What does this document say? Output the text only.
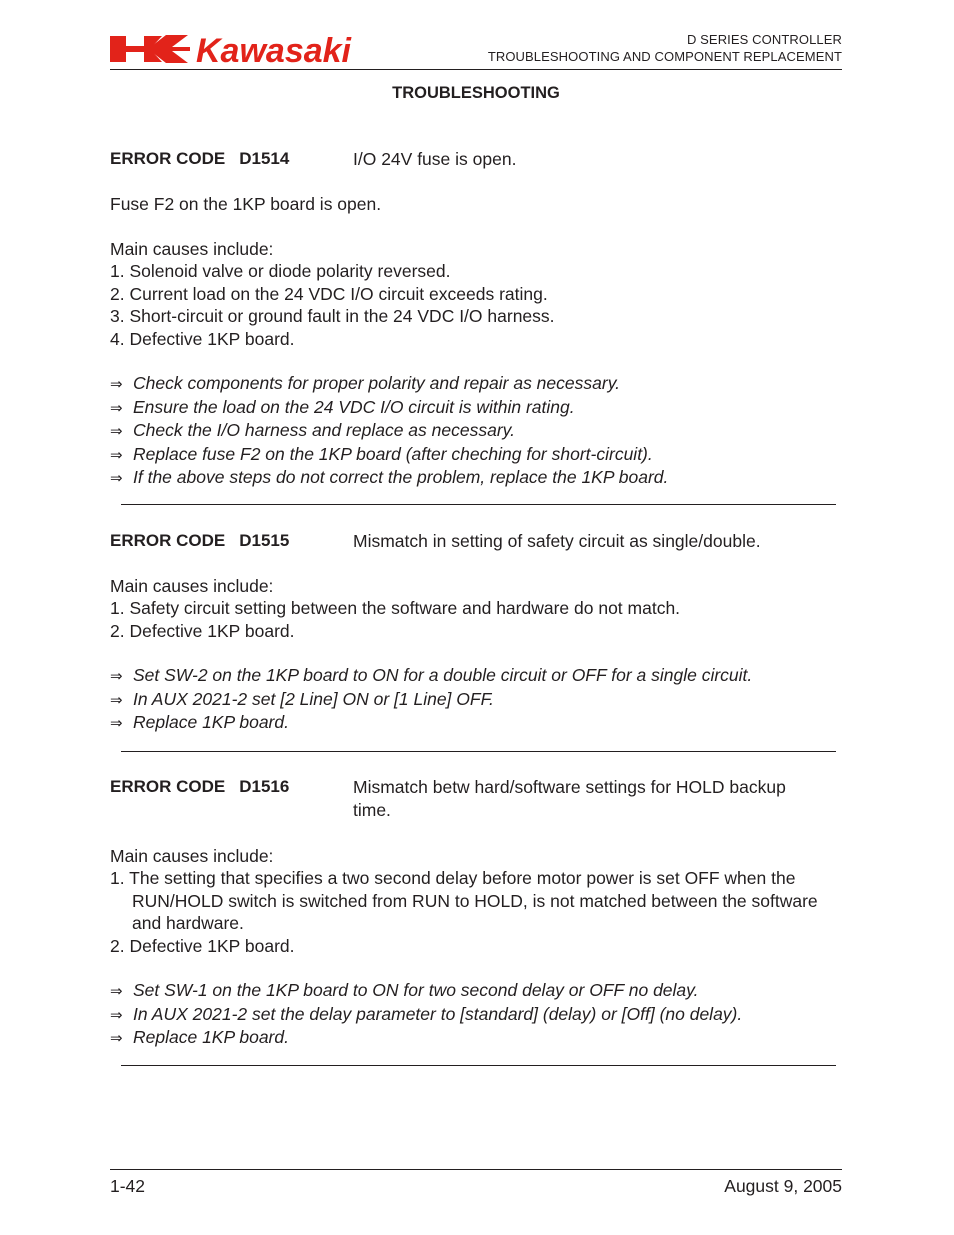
Kawasaki	D SERIES CONTROLLER
TROUBLESHOOTING AND COMPONENT REPLACEMENT
TROUBLESHOOTING
ERROR CODE D1514	I/O 24V fuse is open.
Fuse F2 on the 1KP board is open.
Main causes include:
1. Solenoid valve or diode polarity reversed.
2. Current load on the 24 VDC I/O circuit exceeds rating.
3. Short-circuit or ground fault in the 24 VDC I/O harness.
4. Defective 1KP board.
⇒ Check components for proper polarity and repair as necessary.
⇒ Ensure the load on the 24 VDC I/O circuit is within rating.
⇒ Check the I/O harness and replace as necessary.
⇒ Replace fuse F2 on the 1KP board (after cheching for short-circuit).
⇒ If the above steps do not correct the problem, replace the 1KP board.
ERROR CODE D1515	Mismatch in setting of safety circuit as single/double.
Main causes include:
1. Safety circuit setting between the software and hardware do not match.
2. Defective 1KP board.
⇒ Set SW-2 on the 1KP board to ON for a double circuit or OFF for a single circuit.
⇒ In AUX 2021-2 set [2 Line] ON or [1 Line] OFF.
⇒ Replace 1KP board.
ERROR CODE D1516	Mismatch betw hard/software settings for HOLD backup time.
Main causes include:
1. The setting that specifies a two second delay before motor power is set OFF when the RUN/HOLD switch is switched from RUN to HOLD, is not matched between the software and hardware.
2. Defective 1KP board.
⇒ Set SW-1 on the 1KP board to ON for two second delay or OFF no delay.
⇒ In AUX 2021-2 set the delay parameter to [standard] (delay) or [Off] (no delay).
⇒ Replace 1KP board.
1-42	August 9, 2005
